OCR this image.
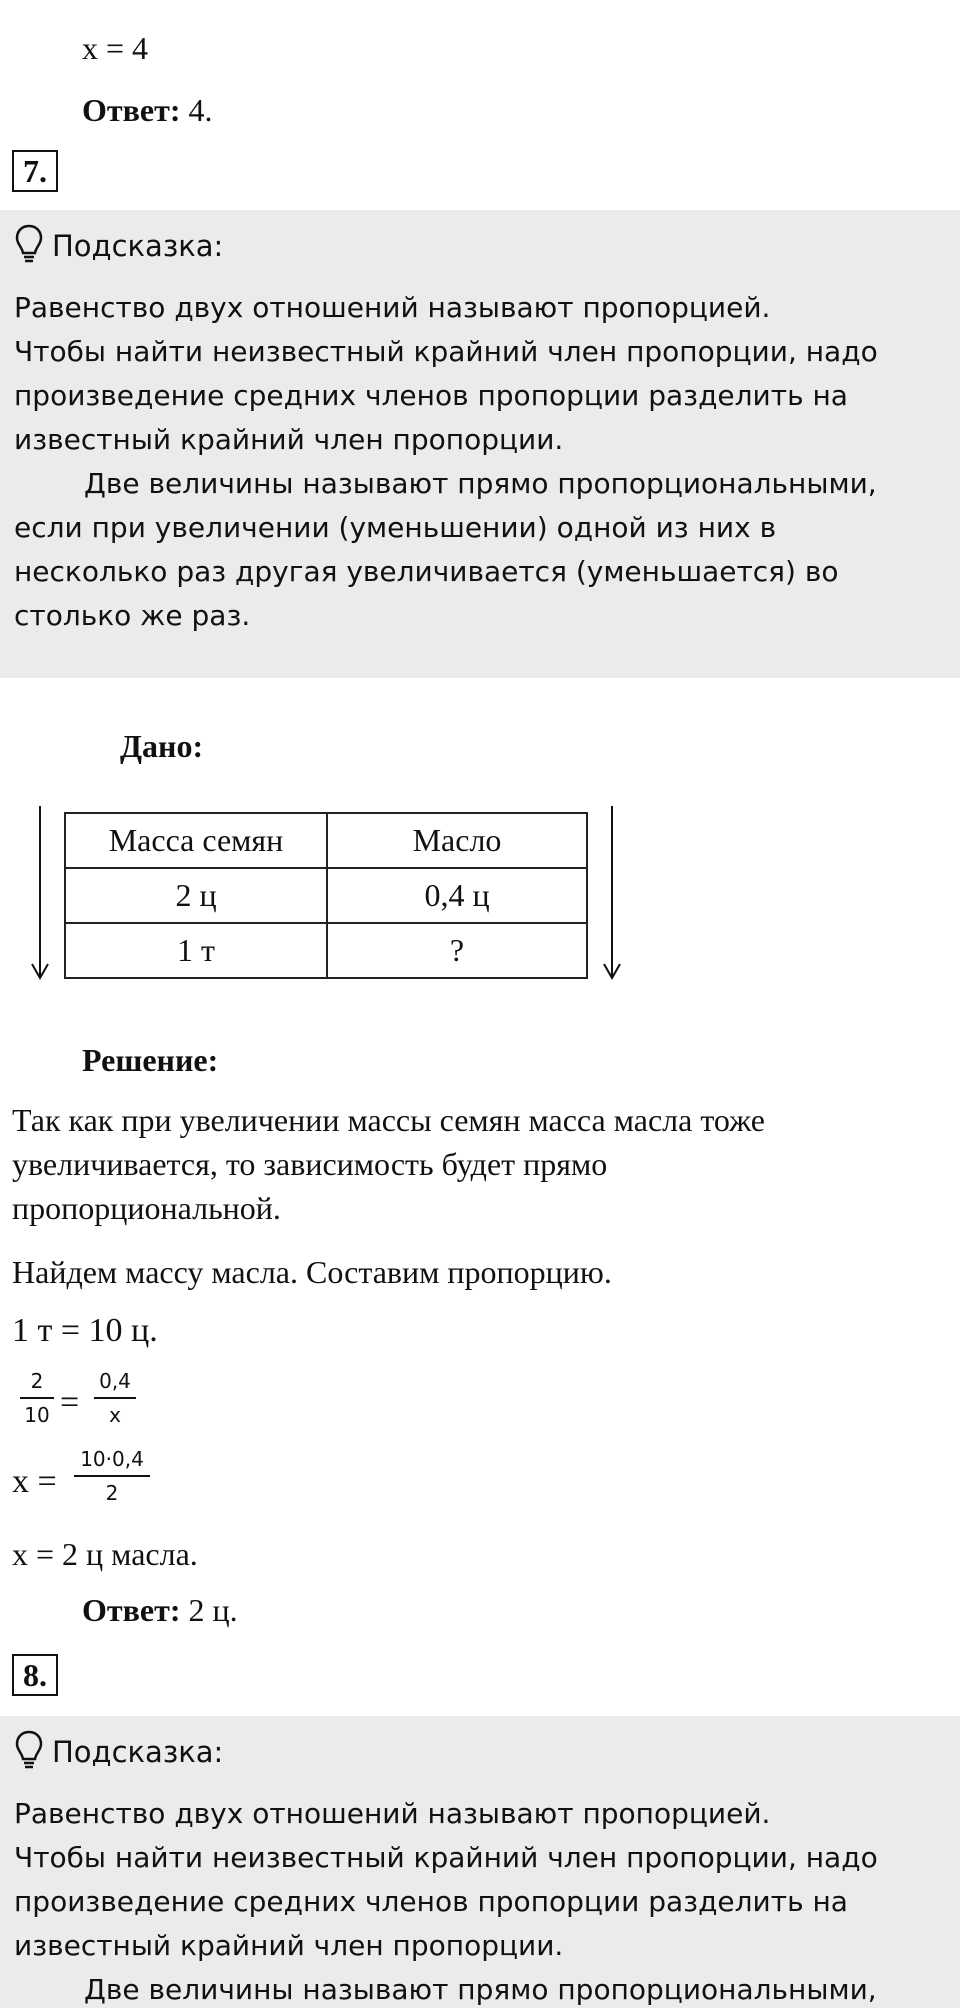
x = 4
Ответ: 4.
7.
Подсказка:

Равенство двух отношений называют пропорцией.

Чтобы найти неизвестный крайний член пропорции, надо

произведение средних членов пропорции разделить на

известный крайний член пропорции.

Две величины называют прямо пропорциональными,

если при увеличении (уменьшении) одной из них в

несколько раз другая увеличивается (уменьшается) во

столько же раз.

Дано:
Масса семян	Масло
2 ц	0,4 ц
1 т	?
Решение:
Так как при увеличении массы семян масса масла тоже
увеличивается, то зависимость будет прямо
пропорциональной.
Найдем массу масла. Составим пропорцию.
1 т = 10 ц.
2
10 =
0,4
x
x =
10·0,4
2
x = 2 ц масла.
Ответ: 2 ц.
8.
Подсказка:

Равенство двух отношений называют пропорцией.

Чтобы найти неизвестный крайний член пропорции, надо

произведение средних членов пропорции разделить на

известный крайний член пропорции.

Две величины называют прямо пропорциональными,
